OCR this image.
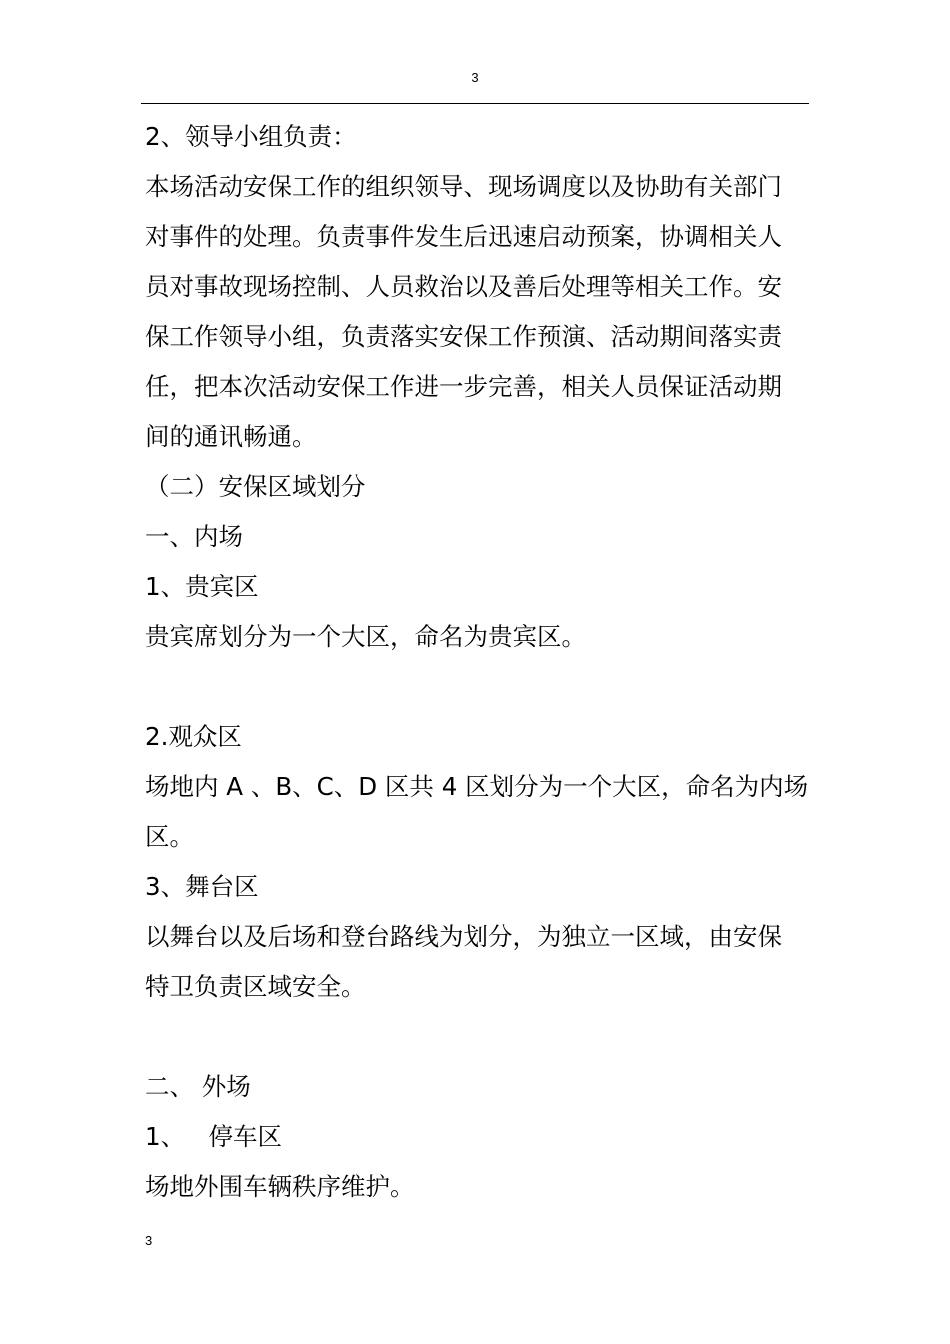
3

2、领导小组负责：

本场活动安保工作的组织领导、现场调度以及协助有关部门

对事件的处理。负责事件发生后迅速启动预案，协调相关人

员对事故现场控制、人员救治以及善后处理等相关工作。安

保工作领导小组，负责落实安保工作预演、活动期间落实责

任，把本次活动安保工作进一步完善，相关人员保证活动期

间的通讯畅通。

（二）安保区域划分

一、内场

1、贵宾区

贵宾席划分为一个大区，命名为贵宾区。

2.观众区

场地内 A 、B、C、D 区共 4 区划分为一个大区，命名为内场

区。

3、舞台区

以舞台以及后场和登台路线为划分，为独立一区域，由安保

特卫负责区域安全。

二、 外场

1、   停车区

场地外围车辆秩序维护。

3
